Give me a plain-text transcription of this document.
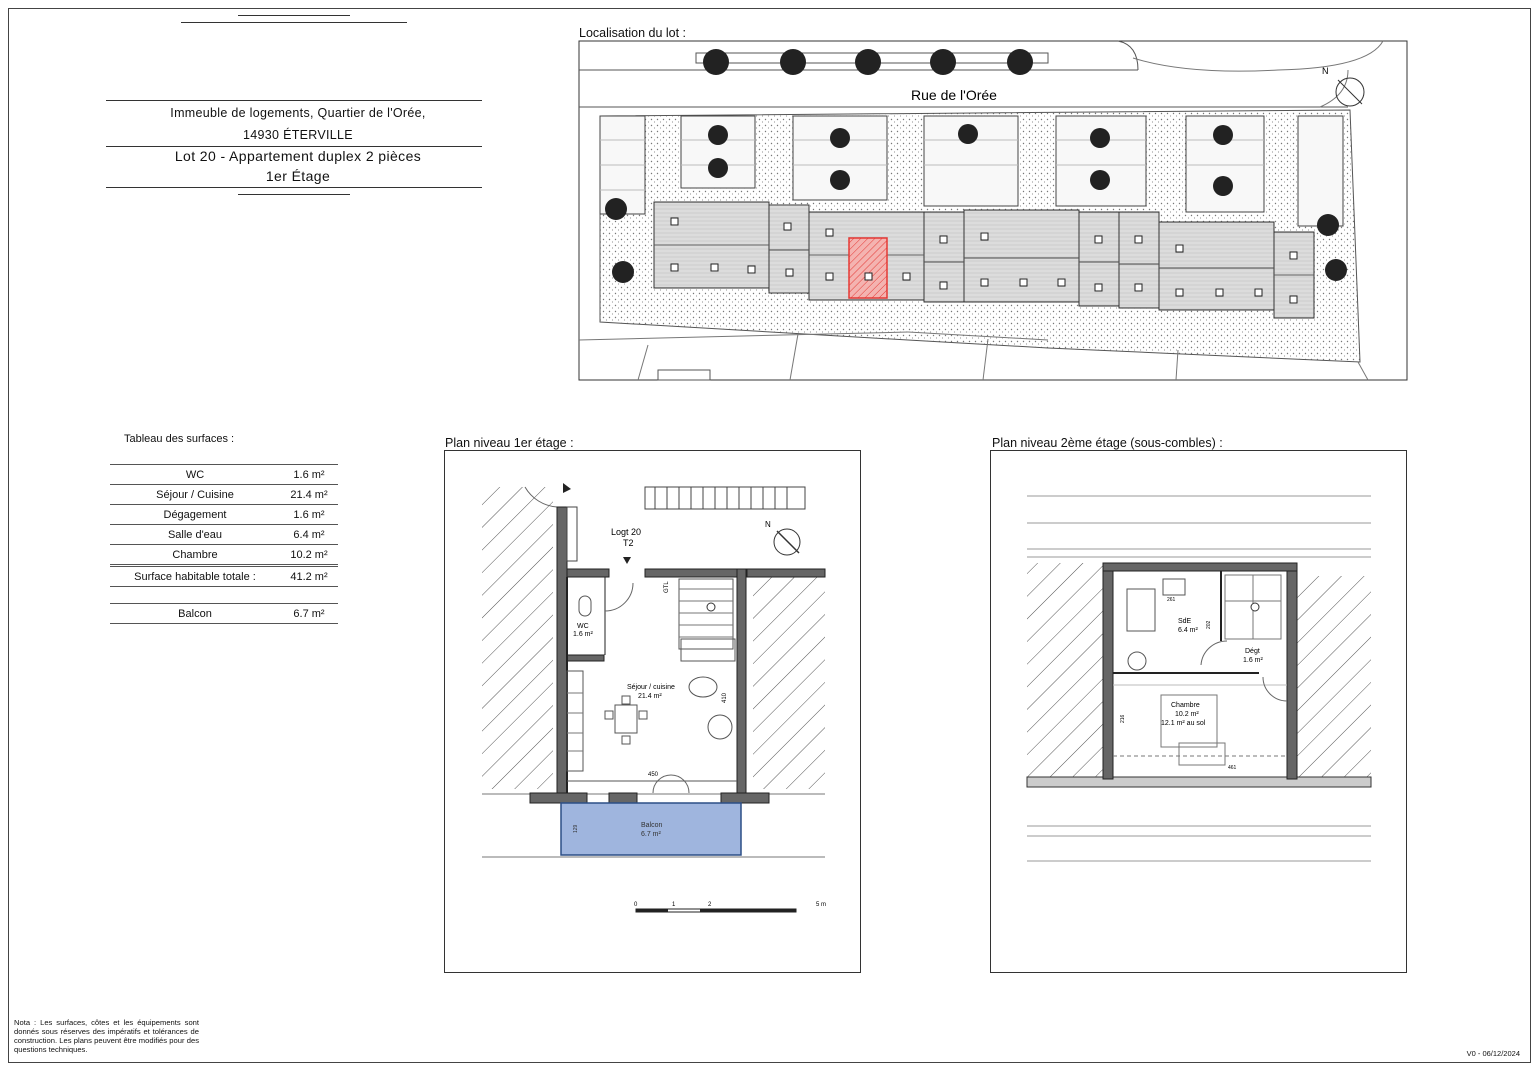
Immeuble de logements, Quartier de l'Orée,
14930 ÉTERVILLE
Lot 20 - Appartement duplex 2 pièces
1er Étage
Localisation du lot :
Rue de l'Orée
N
Tableau des surfaces :
WC	1.6 m²
Séjour / Cuisine	21.4 m²
Dégagement	1.6 m²
Salle d'eau	6.4 m²
Chambre	10.2 m²
Surface habitable totale :	41.2 m²

Balcon	6.7 m²
Plan niveau 1er étage :
N
Logt 20
T2
GTL
WC
1.6 m²
Séjour / cuisine
21.4 m²	410
450
Balcon
6.7 m²
129
0	1	2	5 m
Plan niveau 2ème étage (sous-combles) :
SdE
6.4 m²
Dégt
1.6 m²
Chambre
10.2 m²
12.1 m² au sol
261
202
216
461
Nota : Les surfaces, côtes et les équipements sont donnés sous réserves des impératifs et tolérances de construction. Les plans peuvent être modifiés pour des questions techniques.	V0 - 06/12/2024
